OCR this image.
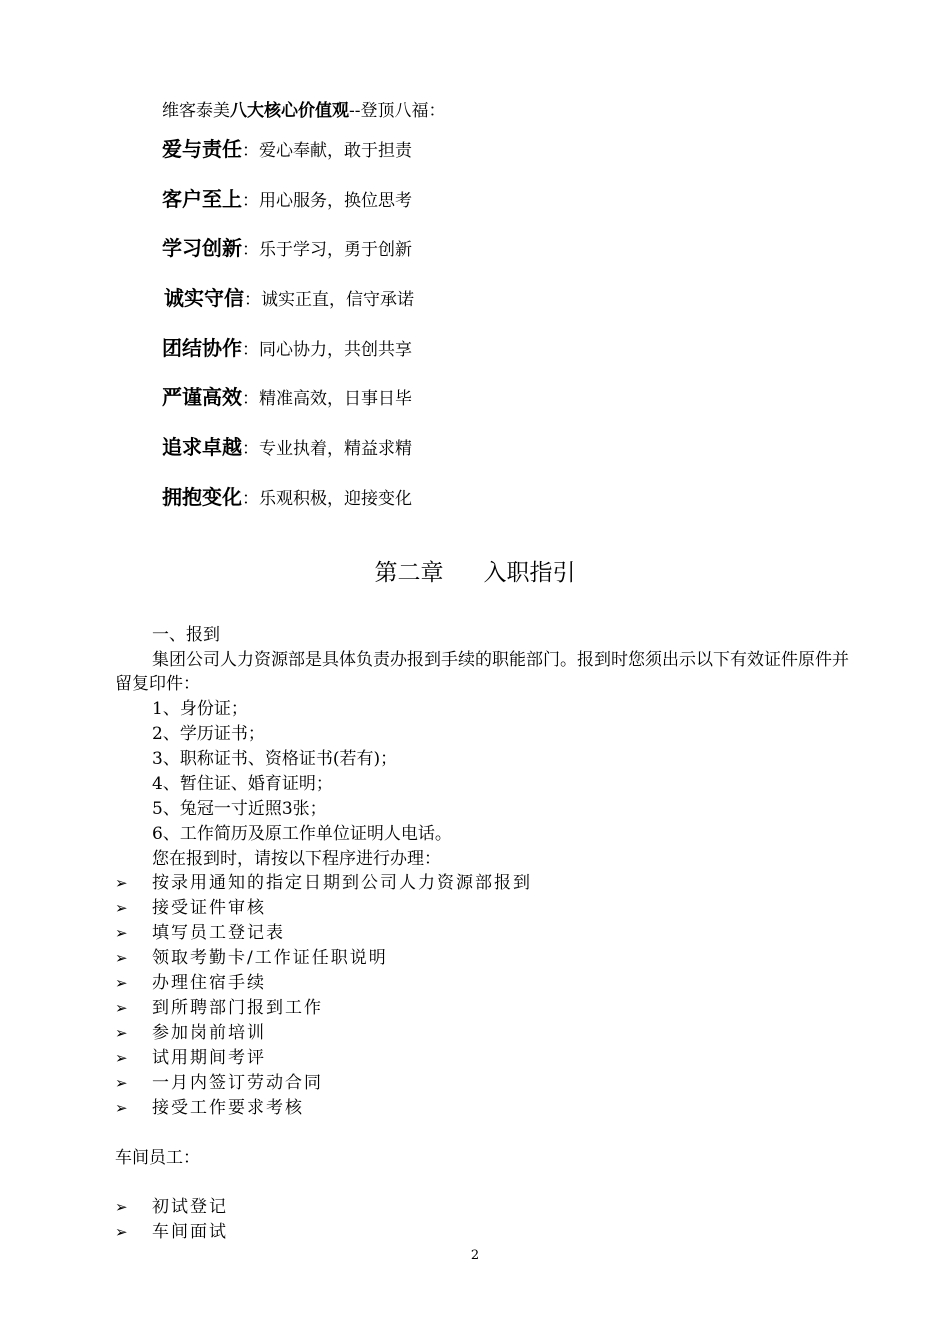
维客泰美八大核心价值观--登顶八福：
爱与责任：爱心奉献，敢于担责
客户至上：用心服务，换位思考
学习创新：乐于学习，勇于创新
诚实守信：诚实正直，信守承诺
团结协作：同心协力，共创共享
严谨高效：精准高效，日事日毕
追求卓越：专业执着，精益求精
拥抱变化：乐观积极，迎接变化
第二章 入职指引
一、报到
集团公司人力资源部是具体负责办报到手续的职能部门。报到时您须出示以下有效证件原件并留复印件：
1、身份证；
2、学历证书；
3、职称证书、资格证书(若有)；
4、暂住证、婚育证明；
5、兔冠一寸近照3张；
6、工作简历及原工作单位证明人电话。
您在报到时，请按以下程序进行办理：
➢ 按录用通知的指定日期到公司人力资源部报到
➢ 接受证件审核
➢ 填写员工登记表
➢ 领取考勤卡/工作证任职说明
➢ 办理住宿手续
➢ 到所聘部门报到工作
➢ 参加岗前培训
➢ 试用期间考评
➢ 一月内签订劳动合同
➢ 接受工作要求考核
车间员工：
➢ 初试登记
➢ 车间面试
2
